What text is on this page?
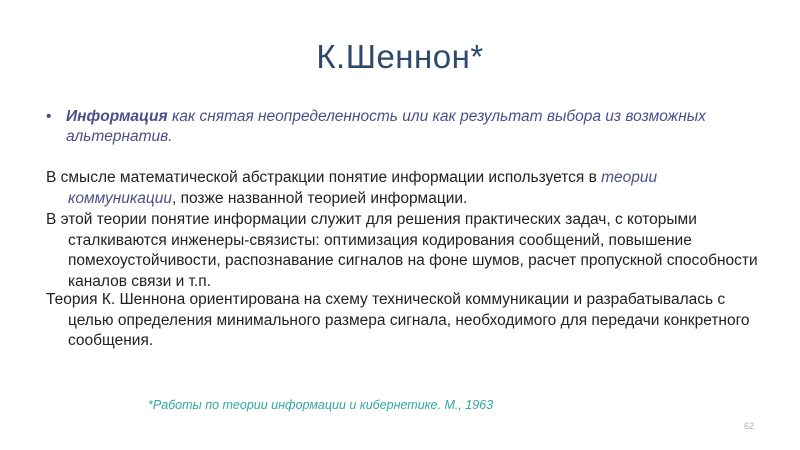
К.Шеннон*
• Информация как снятая неопределенность или как результат выбора из возможных альтернатив.
В смысле математической абстракции понятие информации используется в теории коммуникации, позже названной теорией информации.
В этой теории понятие информации служит для решения практических задач, с которыми сталкиваются инженеры-связисты: оптимизация кодирования сообщений, повышение помехоустойчивости, распознавание сигналов на фоне шумов, расчет пропускной способности каналов связи и т.п.
Теория К. Шеннона ориентирована на схему технической коммуникации и разрабатывалась с целью определения минимального размера сигнала, необходимого для передачи конкретного сообщения.
*Работы по теории информации и кибернетике. М., 1963
62
